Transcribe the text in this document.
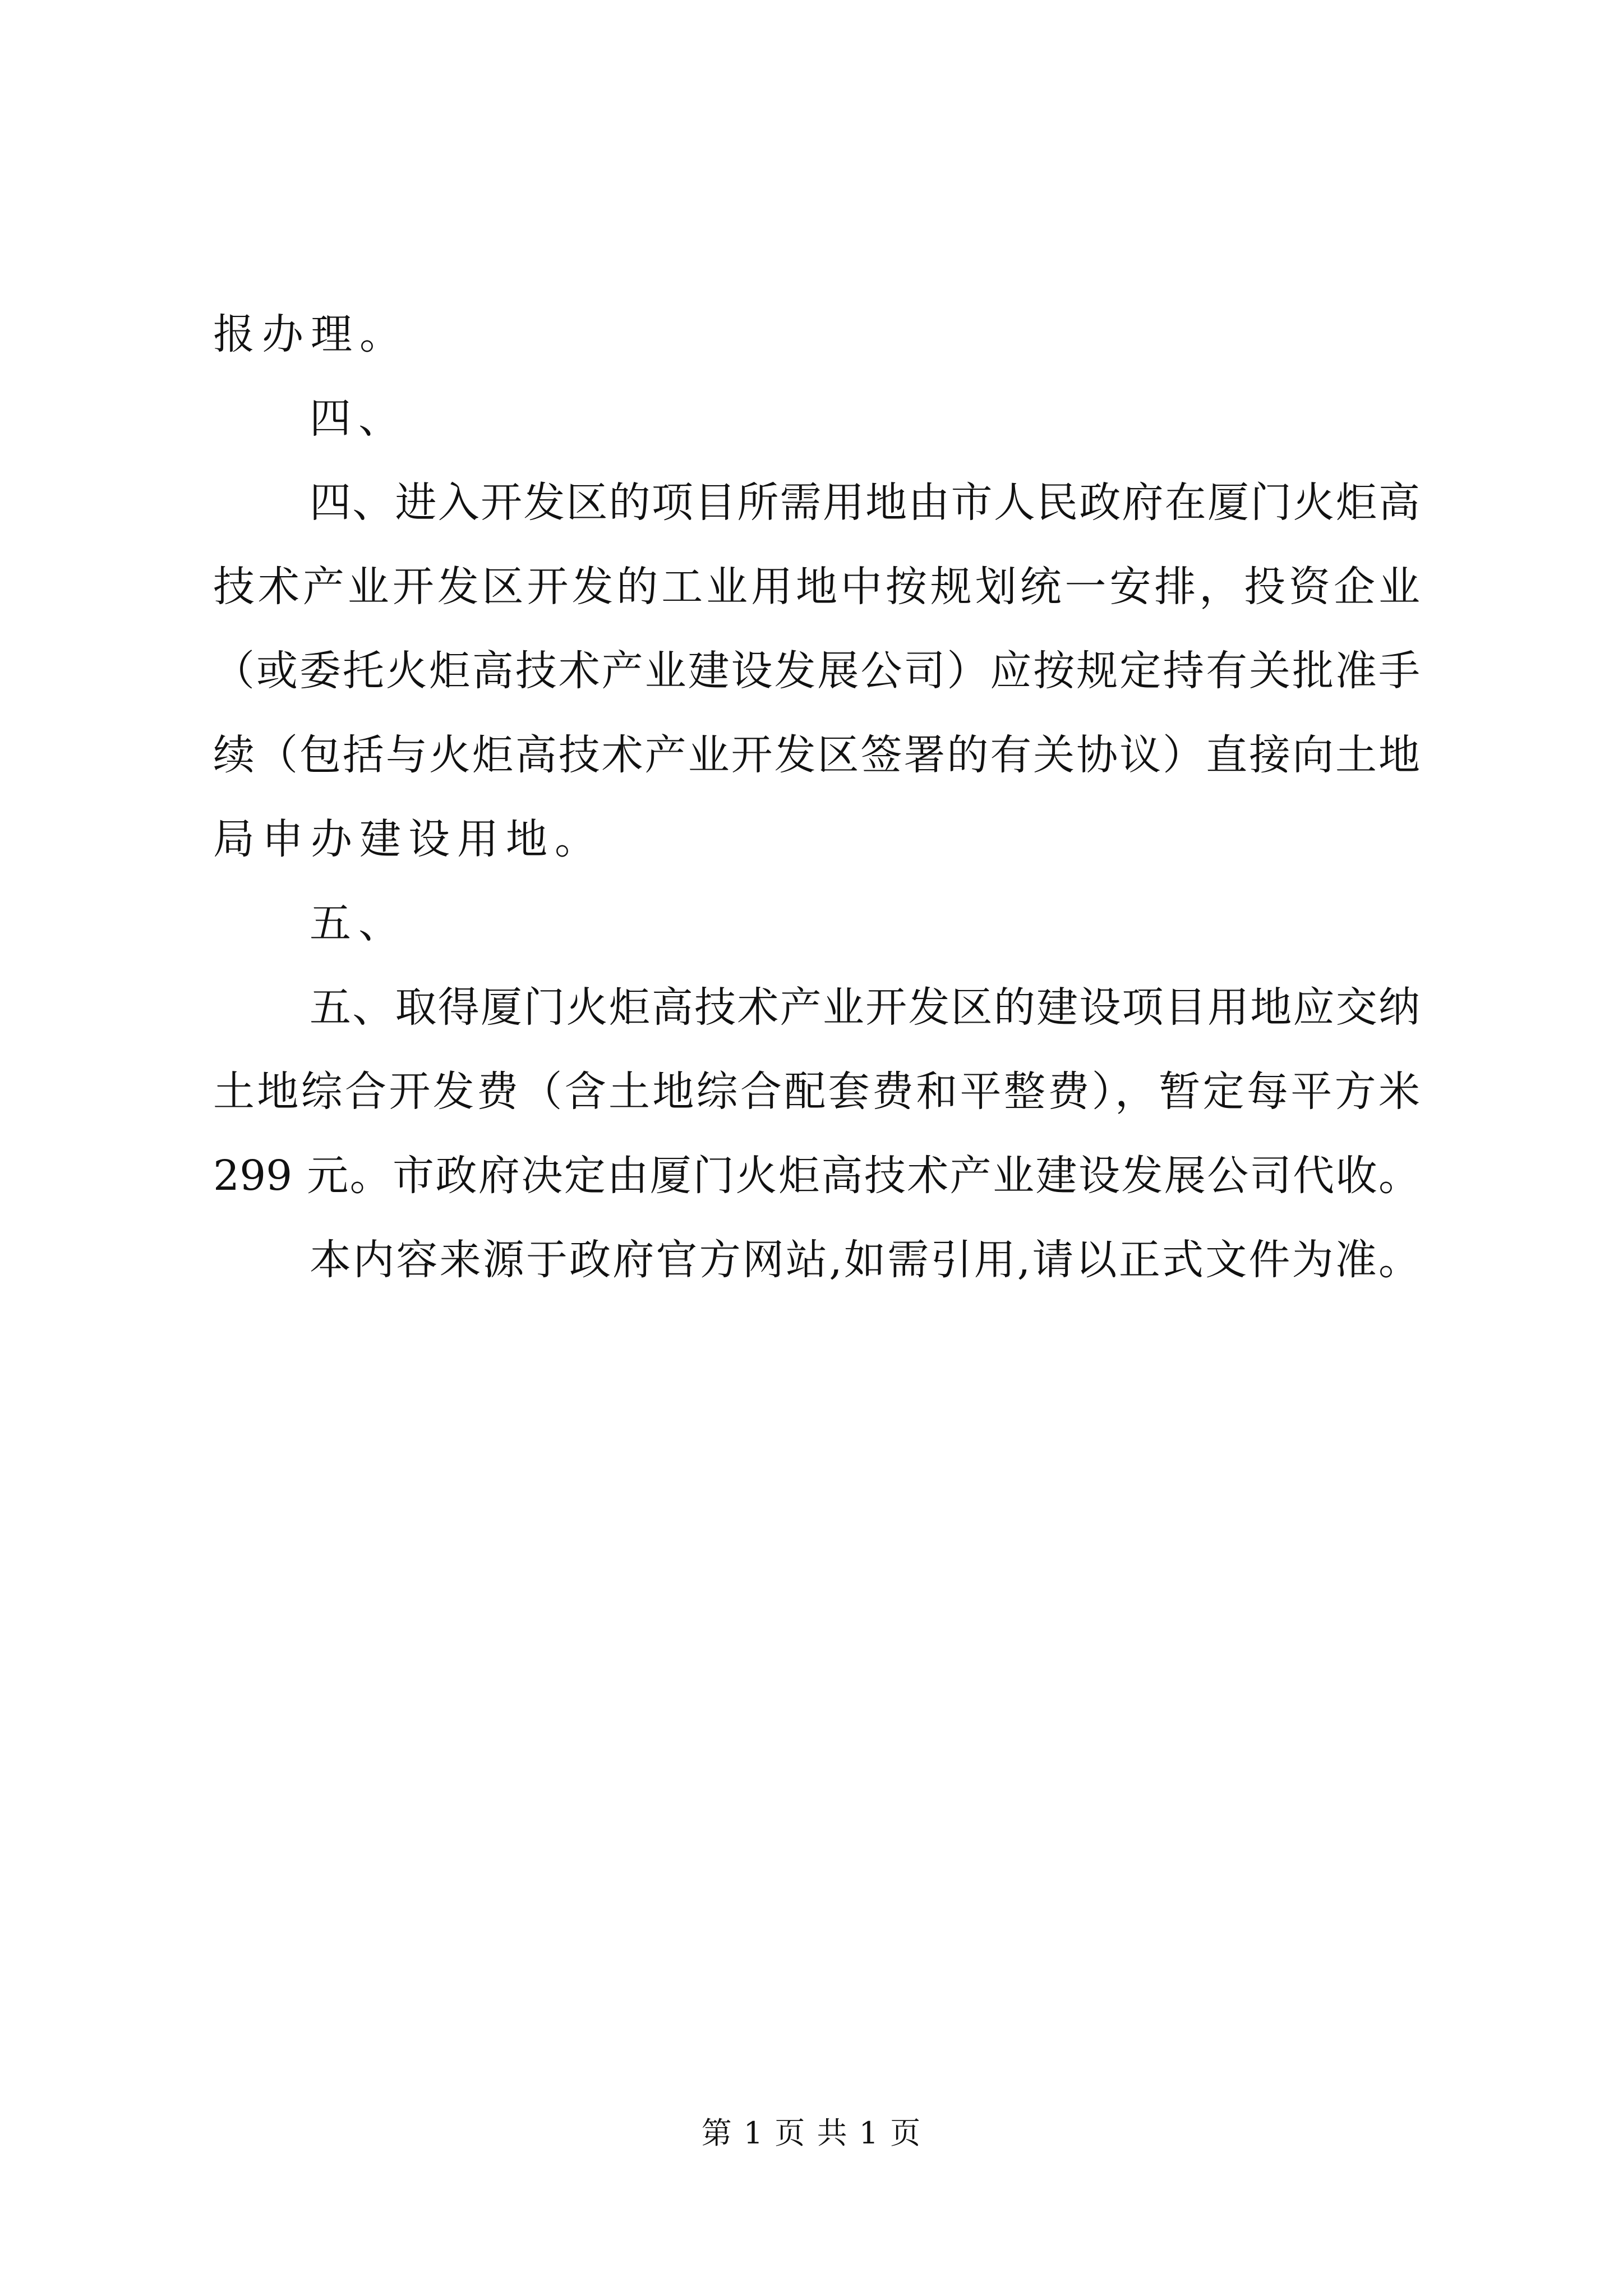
报办理。
四、
四、进入开发区的项目所需用地由市人民政府在厦门火炬高
技术产业开发区开发的工业用地中按规划统一安排，投资企业
（或委托火炬高技术产业建设发展公司）应按规定持有关批准手
续（包括与火炬高技术产业开发区签署的有关协议）直接向土地
局申办建设用地。
五、
五、取得厦门火炬高技术产业开发区的建设项目用地应交纳
土地综合开发费（含土地综合配套费和平整费），暂定每平方米
299 元。市政府决定由厦门火炬高技术产业建设发展公司代收。
本内容来源于政府官方网站,如需引用,请以正式文件为准。
第 1 页 共 1 页
